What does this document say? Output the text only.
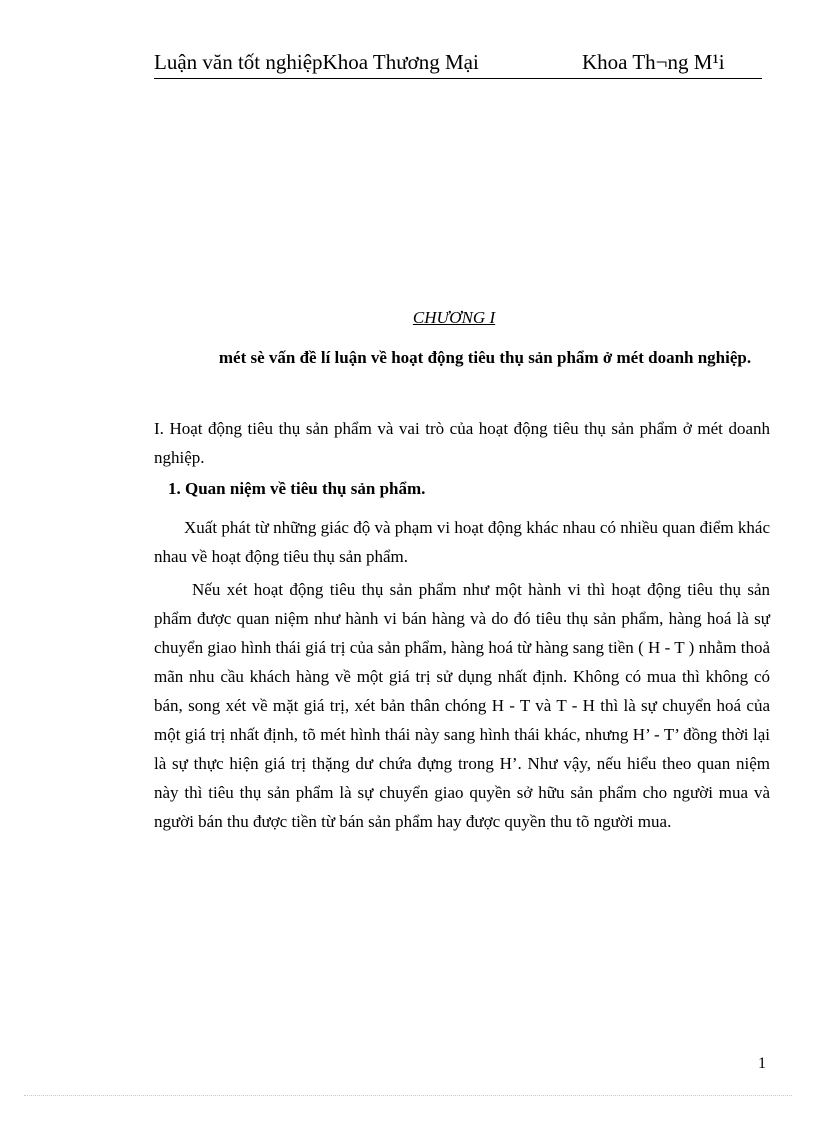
Luận văn tốt nghiệpKhoa Thương Mại	Khoa Th¬ng M¹i
CHƯƠNG I
mét sè vấn đề lí luận về hoạt động tiêu thụ sản phẩm ở mét doanh nghiệp.
I. Hoạt động tiêu thụ sản phẩm và vai trò của hoạt động tiêu thụ sản phẩm ở mét doanh nghiệp.
1. Quan niệm về tiêu thụ sản phẩm.
Xuất phát từ những giác độ và phạm vi hoạt động khác nhau có nhiều quan điểm khác nhau về hoạt động tiêu thụ sản phẩm.
Nếu xét hoạt động tiêu thụ sản phẩm như một hành vi thì hoạt động tiêu thụ sản phẩm được quan niệm như hành vi bán hàng và do đó tiêu thụ sản phẩm, hàng hoá là sự chuyển giao hình thái giá trị của sản phẩm, hàng hoá từ hàng sang tiền ( H - T ) nhằm thoả mãn nhu cầu khách hàng về một giá trị sử dụng nhất định. Không có mua thì không có bán, song xét về mặt giá trị, xét bản thân chóng H - T và T - H thì là sự chuyển hoá của một giá trị nhất định, tõ mét hình thái này sang hình thái khác, nhưng H’ - T’ đồng thời lại là sự thực hiện giá trị thặng dư chứa đựng trong H’. Như vậy, nếu hiểu theo quan niệm này thì tiêu thụ sản phẩm là sự chuyển giao quyền sở hữu sản phẩm cho người mua và người bán thu được tiền từ bán sản phẩm hay được quyền thu tõ người mua.
1
